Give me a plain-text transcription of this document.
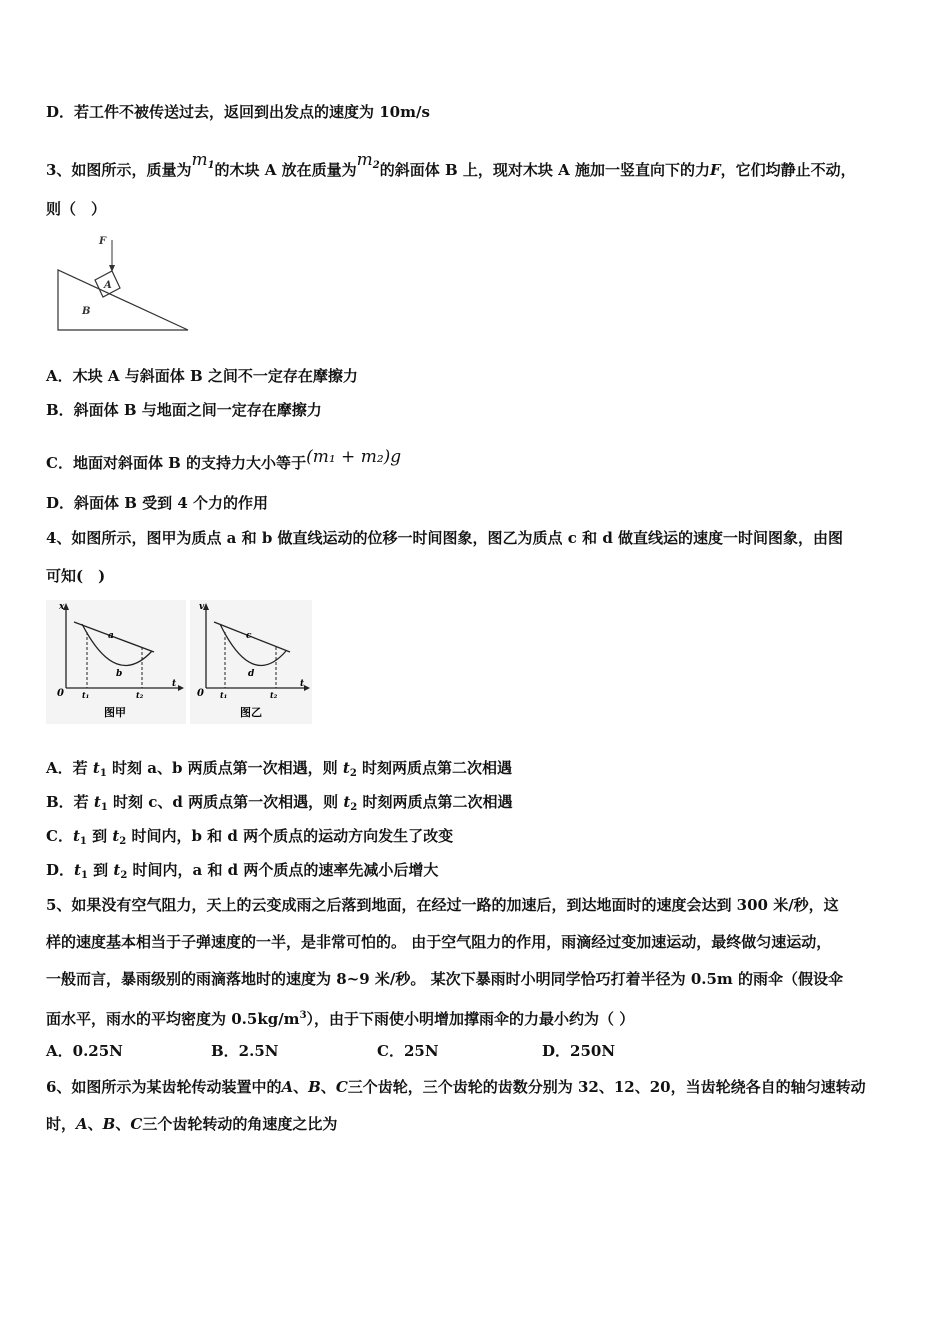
D．若工件不被传送过去，返回到出发点的速度为 10m/s
3、如图所示，质量为$m_1$的木块 A 放在质量为$m_2$的斜面体 B 上，现对木块 A 施加一竖直向下的力F，它们均静止不动，
则（　）
F
A
B
A．木块 A 与斜面体 B 之间不一定存在摩擦力
B．斜面体 B 与地面之间一定存在摩擦力
C．地面对斜面体 B 的支持力大小等于(m₁ + m₂)g
D．斜面体 B 受到 4 个力的作用
4、如图所示，图甲为质点 a 和 b 做直线运动的位移一时间图象，图乙为质点 c 和 d 做直线运的速度一时间图象，由图
可知(　)
x
0 t₁	t₂
t
a
b
图甲
v
0 t₁	t₂
t
c
d
图乙
A．若 $t_1$ 时刻 a、b 两质点第一次相遇，则 $t_2$ 时刻两质点第二次相遇
B．若 $t_1$ 时刻 c、d 两质点第一次相遇，则 $t_2$ 时刻两质点第二次相遇
C．$t_1$ 到 $t_2$ 时间内，b 和 d 两个质点的运动方向发生了改变
D．$t_1$ 到 $t_2$ 时间内，a 和 d 两个质点的速率先减小后增大
5、如果没有空气阻力，天上的云变成雨之后落到地面，在经过一路的加速后，到达地面时的速度会达到 300 米/秒，这
样的速度基本相当于子弹速度的一半，是非常可怕的。 由于空气阻力的作用，雨滴经过变加速运动，最终做匀速运动，
一般而言，暴雨级别的雨滴落地时的速度为 8~9 米/秒。 某次下暴雨时小明同学恰巧打着半径为 0.5m 的雨伞（假设伞
面水平，雨水的平均密度为 $0.5kg/m^3$），由于下雨使小明增加撑雨伞的力最小约为（ ）
A．0.25N	B．2.5N	C．25N	D．250N
6、如图所示为某齿轮传动装置中的A、B、C三个齿轮，三个齿轮的齿数分别为 32、12、20，当齿轮绕各自的轴匀速转动
时，A、B、C三个齿轮转动的角速度之比为
